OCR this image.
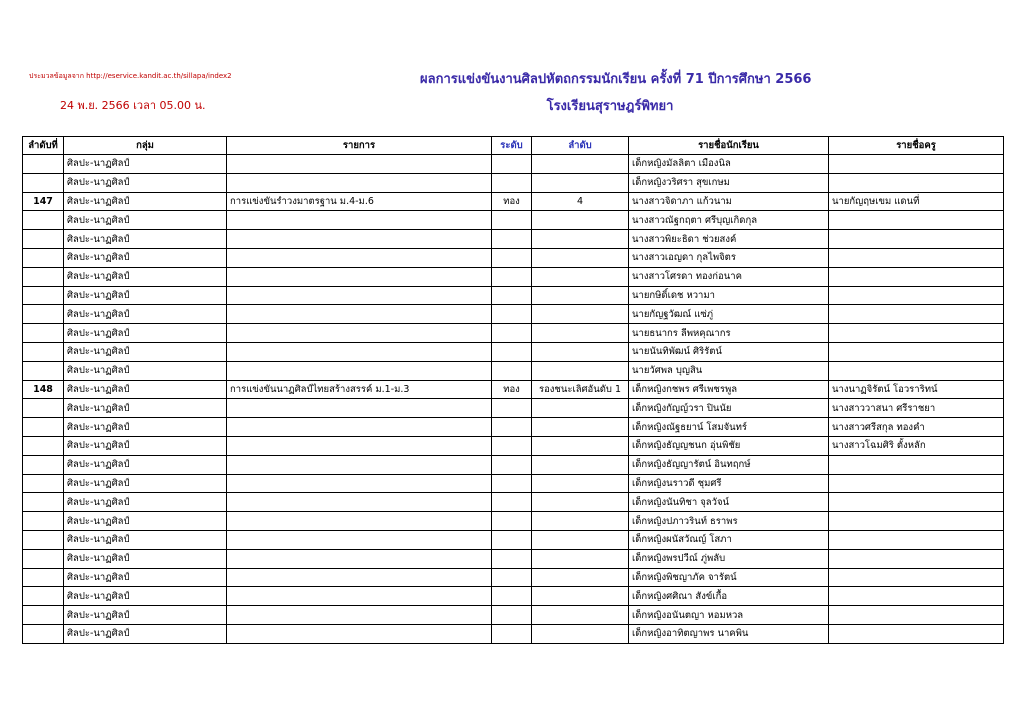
ประมวลข้อมูลจาก http://eservice.kandit.ac.th/sillapa/index2
24 พ.ย. 2566 เวลา 05.00 น.
ผลการแข่งขันงานศิลปหัตถกรรมนักเรียน ครั้งที่ 71 ปีการศึกษา 2566
โรงเรียนสุราษฎร์พิทยา
ลำดับที่	กลุ่ม	รายการ	ระดับ	ลำดับ	รายชื่อนักเรียน	รายชื่อครู
	ศิลปะ-นาฏศิลป์				เด็กหญิงมัลลิตา เมืองนิล	
	ศิลปะ-นาฏศิลป์				เด็กหญิงวริศรา สุขเกษม	
147	ศิลปะ-นาฏศิลป์	การแข่งขันรำวงมาตรฐาน ม.4-ม.6	ทอง	4	นางสาวจิดาภา แก้วนาม	นายกัญฤษเขม แดนที่
	ศิลปะ-นาฏศิลป์				นางสาวณัฐกฤตา ศรีบุญเกิดกุล	
	ศิลปะ-นาฏศิลป์				นางสาวพิยะธิดา ช่วยสงค์	
	ศิลปะ-นาฏศิลป์				นางสาวเอญดา กุลไพจิตร	
	ศิลปะ-นาฏศิลป์				นางสาวโศรดา ทองก่อนาค	
	ศิลปะ-นาฏศิลป์				นายกษิดิ์เดช หวามา	
	ศิลปะ-นาฏศิลป์				นายกัญฐวัฒณ์ แซ่ภู่	
	ศิลปะ-นาฏศิลป์				นายธนากร ลีพหคุณากร	
	ศิลปะ-นาฏศิลป์				นายนันทิพัฒน์ ศิริรัตน์	
	ศิลปะ-นาฏศิลป์				นายวัศพล บุญสิน	
148	ศิลปะ-นาฏศิลป์	การแข่งขันนาฏศิลป์ไทยสร้างสรรค์ ม.1-ม.3	ทอง	รองชนะเลิศอันดับ 1	เด็กหญิงกชพร ศรีเพชรพูล	นางนาฏจิรัตน์ โอวราริทน์
	ศิลปะ-นาฏศิลป์				เด็กหญิงกัญญ์วรา ปินนัย	นางสาววาสนา ศรีราชยา
	ศิลปะ-นาฏศิลป์				เด็กหญิงณัฐธยาน์ โสมจันทร์	นางสาวศรีสกุล ทองคำ
	ศิลปะ-นาฏศิลป์				เด็กหญิงธัญญชนก อุ่นพิชัย	นางสาวโฉมศิริ ตั้งหลัก
	ศิลปะ-นาฏศิลป์				เด็กหญิงธัญญารัตน์ อินทฤกษ์	
	ศิลปะ-นาฏศิลป์				เด็กหญิงนราวดี ชุมศรี	
	ศิลปะ-นาฏศิลป์				เด็กหญิงนันทิชา จุลวัจน์	
	ศิลปะ-นาฏศิลป์				เด็กหญิงปภาวรินท์ ธราพร	
	ศิลปะ-นาฏศิลป์				เด็กหญิงผนัสวัณญ์ โสภา	
	ศิลปะ-นาฏศิลป์				เด็กหญิงพรปวีณ์ ภู่พลับ	
	ศิลปะ-นาฏศิลป์				เด็กหญิงพิชญาภัค จารัตน์	
	ศิลปะ-นาฏศิลป์				เด็กหญิงศศิณา สังข์เกื้อ	
	ศิลปะ-นาฏศิลป์				เด็กหญิงอนันตญา หอมหวล	
	ศิลปะ-นาฏศิลป์				เด็กหญิงอาทิตญาพร นาคพิน	
